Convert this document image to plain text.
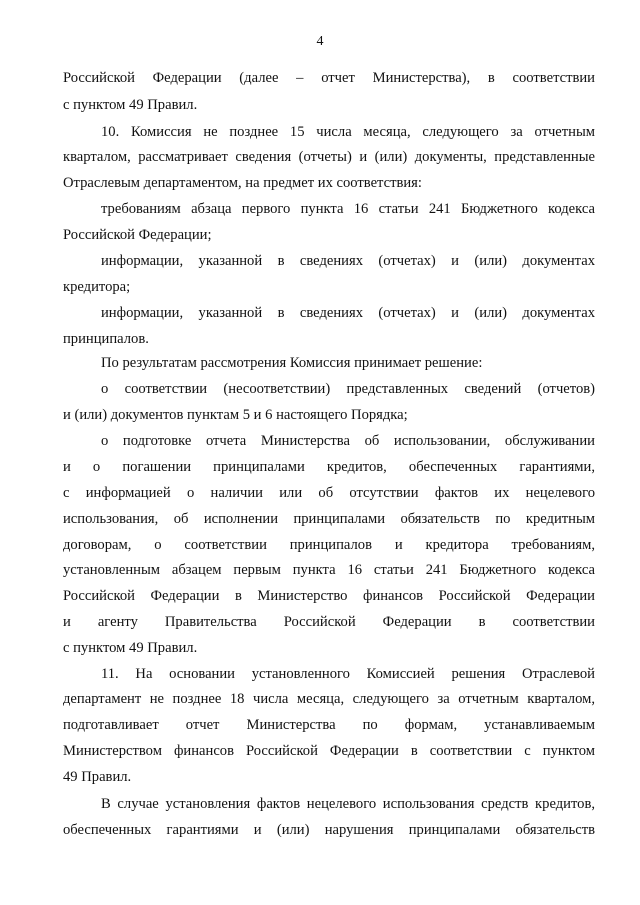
4
Российской Федерации (далее – отчет Министерства), в соответствии
с пунктом 49 Правил.
10. Комиссия не позднее 15 числа месяца, следующего за отчетным
кварталом, рассматривает сведения (отчеты) и (или) документы, представленные
Отраслевым департаментом, на предмет их соответствия:
требованиям абзаца первого пункта 16 статьи 241 Бюджетного кодекса
Российской Федерации;
информации, указанной в сведениях (отчетах) и (или) документах
кредитора;
информации, указанной в сведениях (отчетах) и (или) документах
принципалов.
По результатам рассмотрения Комиссия принимает решение:
о соответствии (несоответствии) представленных сведений (отчетов)
и (или) документов пунктам 5 и 6 настоящего Порядка;
о подготовке отчета Министерства об использовании, обслуживании
и о погашении принципалами кредитов, обеспеченных гарантиями,
с информацией о наличии или об отсутствии фактов их нецелевого
использования, об исполнении принципалами обязательств по кредитным
договорам, о соответствии принципалов и кредитора требованиям,
установленным абзацем первым пункта 16 статьи 241 Бюджетного кодекса
Российской Федерации в Министерство финансов Российской Федерации
и агенту Правительства Российской Федерации в соответствии
с пунктом 49 Правил.
11. На основании установленного Комиссией решения Отраслевой
департамент не позднее 18 числа месяца, следующего за отчетным кварталом,
подготавливает отчет Министерства по формам, устанавливаемым
Министерством финансов Российской Федерации в соответствии с пунктом
49 Правил.
В случае установления фактов нецелевого использования средств кредитов,
обеспеченных гарантиями и (или) нарушения принципалами обязательств
